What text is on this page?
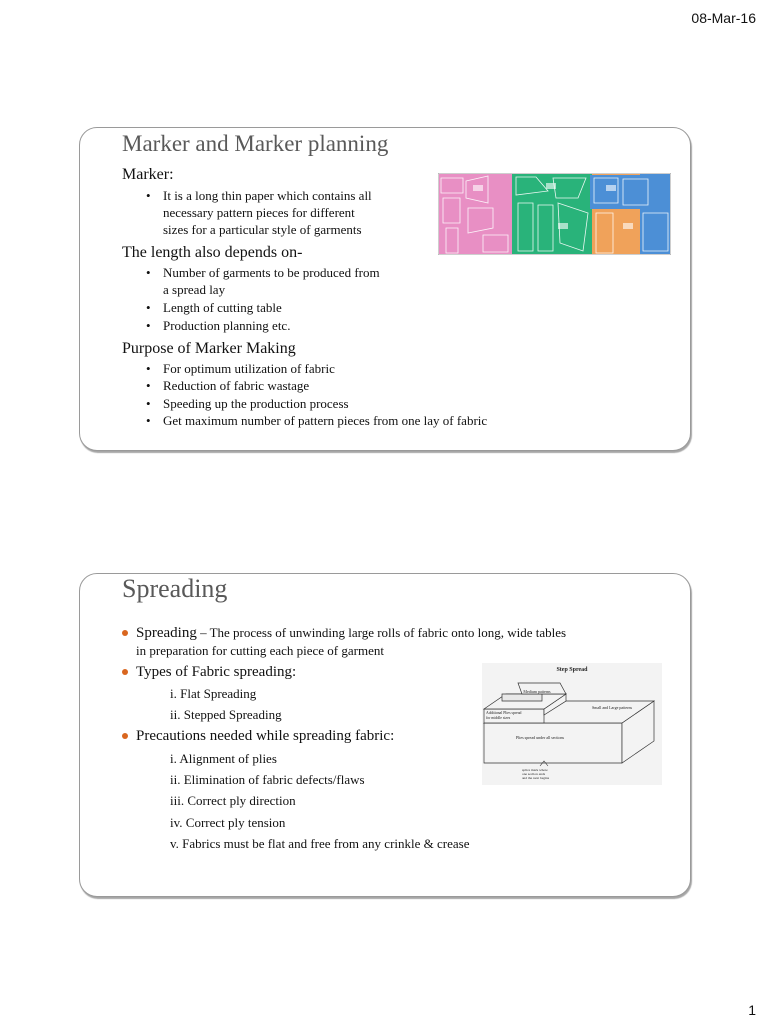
08-Mar-16
Marker and Marker planning
Marker:
• It is a long thin paper which contains all
necessary pattern pieces for different
sizes for a particular style of garments
The length also depends on-
• Number of garments to be produced from
a spread lay
• Length of cutting table
• Production planning etc.
Purpose of Marker Making
• For optimum utilization of fabric
• Reduction of fabric wastage
• Speeding up the production process
• Get maximum number of pattern pieces from one lay of fabric
Spreading
Spreading – The process of unwinding large rolls of fabric onto long, wide tables
in preparation for cutting each piece of garment
Types of Fabric spreading:
i. Flat Spreading
ii. Stepped Spreading
Precautions needed while spreading fabric:
i. Alignment of plies
ii. Elimination of fabric defects/flaws
iii. Correct ply direction
iv. Correct ply tension
v. Fabrics must be flat and free from any crinkle & crease
Step Spread
Medium patterns
Small and Large patterns
Additional Plies spread
for middle sizes
Plies spread under all sections
splice mark where
one section ends
and the next begins
1
